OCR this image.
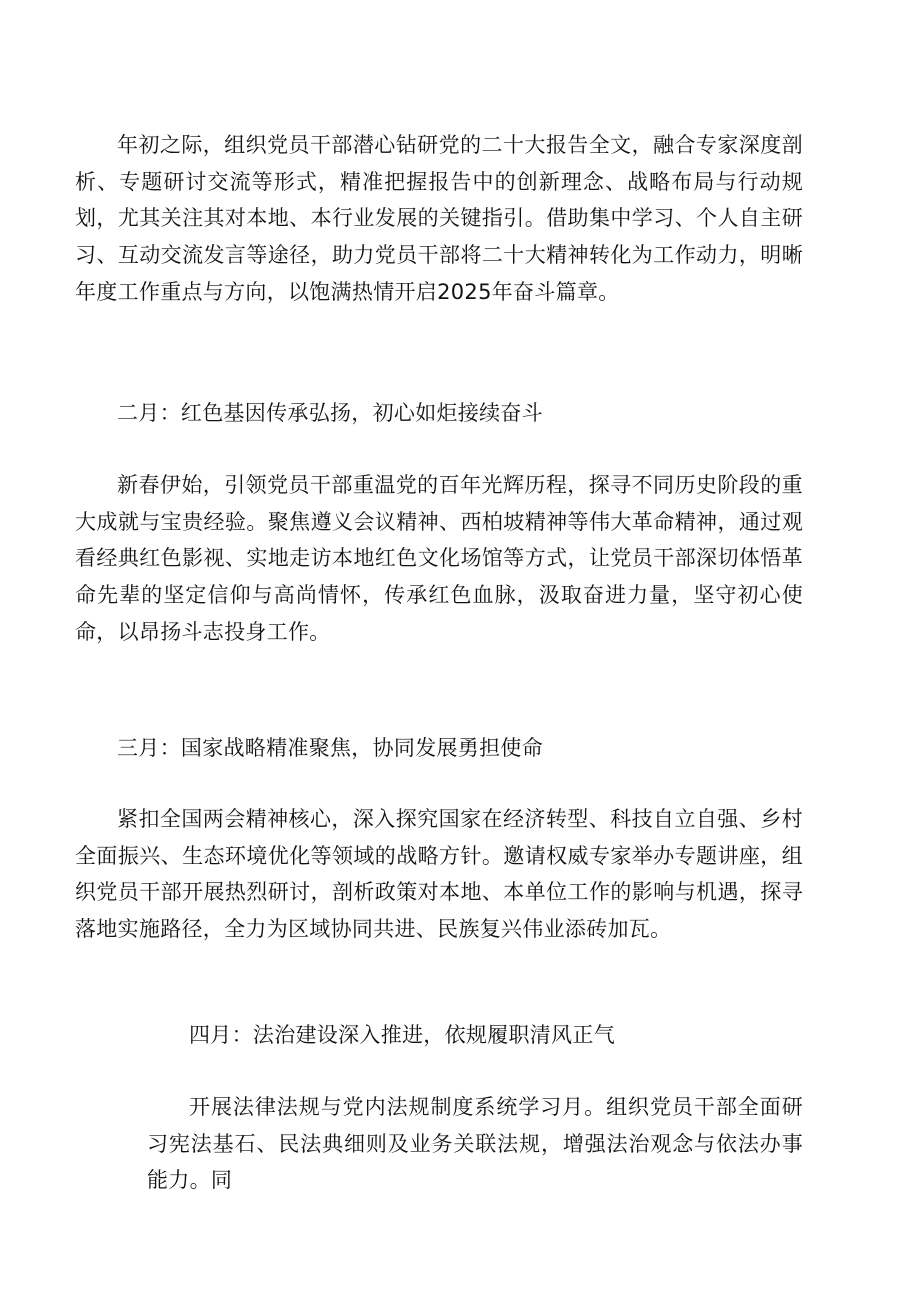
年初之际，组织党员干部潜心钻研党的二十大报告全文，融合专家深度剖析、专题研讨交流等形式，精准把握报告中的创新理念、战略布局与行动规划，尤其关注其对本地、本行业发展的关键指引。借助集中学习、个人自主研习、互动交流发言等途径，助力党员干部将二十大精神转化为工作动力，明晰年度工作重点与方向，以饱满热情开启2025年奋斗篇章。

二月：红色基因传承弘扬，初心如炬接续奋斗

新春伊始，引领党员干部重温党的百年光辉历程，探寻不同历史阶段的重大成就与宝贵经验。聚焦遵义会议精神、西柏坡精神等伟大革命精神，通过观看经典红色影视、实地走访本地红色文化场馆等方式，让党员干部深切体悟革命先辈的坚定信仰与高尚情怀，传承红色血脉，汲取奋进力量，坚守初心使命，以昂扬斗志投身工作。

三月：国家战略精准聚焦，协同发展勇担使命

紧扣全国两会精神核心，深入探究国家在经济转型、科技自立自强、乡村全面振兴、生态环境优化等领域的战略方针。邀请权威专家举办专题讲座，组织党员干部开展热烈研讨，剖析政策对本地、本单位工作的影响与机遇，探寻落地实施路径，全力为区域协同共进、民族复兴伟业添砖加瓦。

四月：法治建设深入推进，依规履职清风正气

开展法律法规与党内法规制度系统学习月。组织党员干部全面研习宪法基石、民法典细则及业务关联法规，增强法治观念与依法办事能力。同
